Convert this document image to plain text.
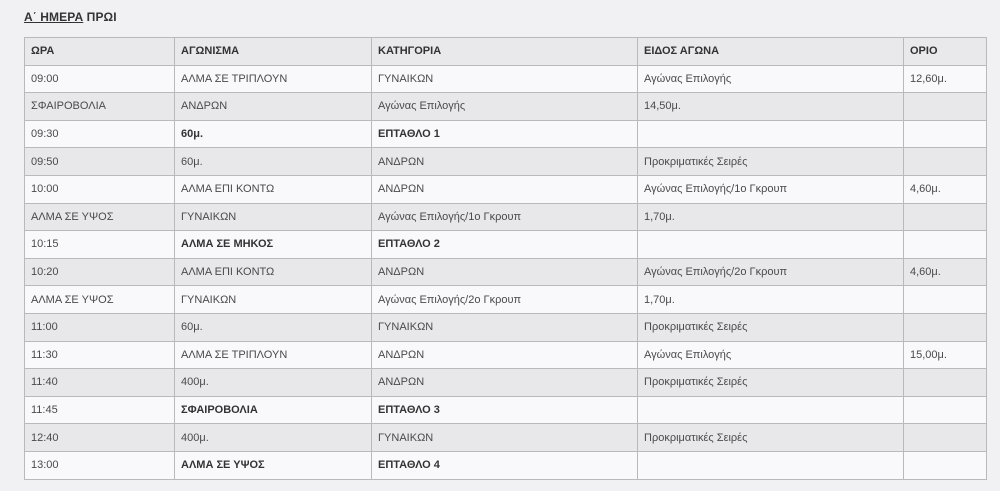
Α΄ ΗΜΕΡΑ ΠΡΩΙ
ΩΡΑ	ΑΓΩΝΙΣΜΑ	ΚΑΤΗΓΟΡΙΑ	ΕΙΔΟΣ ΑΓΩΝΑ	ΟΡΙΟ
09:00	ΑΛΜΑ ΣΕ ΤΡΙΠΛΟΥΝ	ΓΥΝΑΙΚΩΝ	Αγώνας Επιλογής	12,60μ.
ΣΦΑΙΡΟΒΟΛΙΑ	ΑΝΔΡΩΝ	Αγώνας Επιλογής	14,50μ.	
09:30	60μ.	ΕΠΤΑΘΛΟ 1		
09:50	60μ.	ΑΝΔΡΩΝ	Προκριματικές Σειρές	
10:00	ΑΛΜΑ ΕΠΙ ΚΟΝΤΩ	ΑΝΔΡΩΝ	Αγώνας Επιλογής/1ο Γκρουπ	4,60μ.
ΑΛΜΑ ΣΕ ΥΨΟΣ	ΓΥΝΑΙΚΩΝ	Αγώνας Επιλογής/1ο Γκρουπ	1,70μ.	
10:15	ΑΛΜΑ ΣΕ ΜΗΚΟΣ	ΕΠΤΑΘΛΟ 2		
10:20	ΑΛΜΑ ΕΠΙ ΚΟΝΤΩ	ΑΝΔΡΩΝ	Αγώνας Επιλογής/2ο Γκρουπ	4,60μ.
ΑΛΜΑ ΣΕ ΥΨΟΣ	ΓΥΝΑΙΚΩΝ	Αγώνας Επιλογής/2ο Γκρουπ	1,70μ.	
11:00	60μ.	ΓΥΝΑΙΚΩΝ	Προκριματικές Σειρές	
11:30	ΑΛΜΑ ΣΕ ΤΡΙΠΛΟΥΝ	ΑΝΔΡΩΝ	Αγώνας Επιλογής	15,00μ.
11:40	400μ.	ΑΝΔΡΩΝ	Προκριματικές Σειρές	
11:45	ΣΦΑΙΡΟΒΟΛΙΑ	ΕΠΤΑΘΛΟ 3		
12:40	400μ.	ΓΥΝΑΙΚΩΝ	Προκριματικές Σειρές	
13:00	ΑΛΜΑ ΣΕ ΥΨΟΣ	ΕΠΤΑΘΛΟ 4		
